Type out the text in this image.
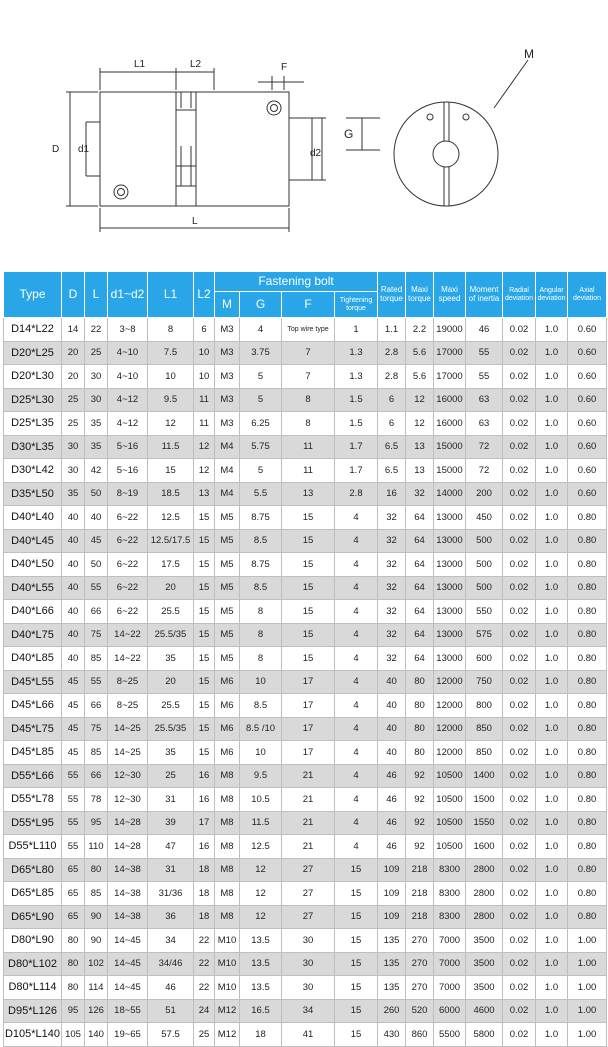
L1	L2	F
D d1	d2
L
M
G
Type	D	L	d1~d2	L1	L2	Fastening bolt				Rated torque	Maxi torque	Maxi speed	Moment of inertia	Radial deviation	Angular deviation	Axial deviation
						M	G	F	Tightening torque							
D14*L22	14	22	3~8	8	6	M3	4	Top wire type	1	1.1	2.2	19000	46	0.02	1.0	0.60
D20*L25	20	25	4~10	7.5	10	M3	3.75	7	1.3	2.8	5.6	17000	55	0.02	1.0	0.60
D20*L30	20	30	4~10	10	10	M3	5	7	1.3	2.8	5.6	17000	55	0.02	1.0	0.60
D25*L30	25	30	4~12	9.5	11	M3	5	8	1.5	6	12	16000	63	0.02	1.0	0.60
D25*L35	25	35	4~12	12	11	M3	6.25	8	1.5	6	12	16000	63	0.02	1.0	0.60
D30*L35	30	35	5~16	11.5	12	M4	5.75	11	1.7	6.5	13	15000	72	0.02	1.0	0.60
D30*L42	30	42	5~16	15	12	M4	5	11	1.7	6.5	13	15000	72	0.02	1.0	0.60
D35*L50	35	50	8~19	18.5	13	M4	5.5	13	2.8	16	32	14000	200	0.02	1.0	0.60
D40*L40	40	40	6~22	12.5	15	M5	8.75	15	4	32	64	13000	450	0.02	1.0	0.80
D40*L45	40	45	6~22	12.5/17.5	15	M5	8.5	15	4	32	64	13000	500	0.02	1.0	0.80
D40*L50	40	50	6~22	17.5	15	M5	8.75	15	4	32	64	13000	500	0.02	1.0	0.80
D40*L55	40	55	6~22	20	15	M5	8.5	15	4	32	64	13000	500	0.02	1.0	0.80
D40*L66	40	66	6~22	25.5	15	M5	8	15	4	32	64	13000	550	0.02	1.0	0.80
D40*L75	40	75	14~22	25.5/35	15	M5	8	15	4	32	64	13000	575	0.02	1.0	0.80
D40*L85	40	85	14~22	35	15	M5	8	15	4	32	64	13000	600	0.02	1.0	0.80
D45*L55	45	55	8~25	20	15	M6	10	17	4	40	80	12000	750	0.02	1.0	0.80
D45*L66	45	66	8~25	25.5	15	M6	8.5	17	4	40	80	12000	800	0.02	1.0	0.80
D45*L75	45	75	14~25	25.5/35	15	M6	8.5 /10	17	4	40	80	12000	850	0.02	1.0	0.80
D45*L85	45	85	14~25	35	15	M6	10	17	4	40	80	12000	850	0.02	1.0	0.80
D55*L66	55	66	12~30	25	16	M8	9.5	21	4	46	92	10500	1400	0.02	1.0	0.80
D55*L78	55	78	12~30	31	16	M8	10.5	21	4	46	92	10500	1500	0.02	1.0	0.80
D55*L95	55	95	14~28	39	17	M8	11.5	21	4	46	92	10500	1550	0.02	1.0	0.80
D55*L110	55	110	14~28	47	16	M8	12.5	21	4	46	92	10500	1600	0.02	1.0	0.80
D65*L80	65	80	14~38	31	18	M8	12	27	15	109	218	8300	2800	0.02	1.0	0.80
D65*L85	65	85	14~38	31/36	18	M8	12	27	15	109	218	8300	2800	0.02	1.0	0.80
D65*L90	65	90	14~38	36	18	M8	12	27	15	109	218	8300	2800	0.02	1.0	0.80
D80*L90	80	90	14~45	34	22	M10	13.5	30	15	135	270	7000	3500	0.02	1.0	1.00
D80*L102	80	102	14~45	34/46	22	M10	13.5	30	15	135	270	7000	3500	0.02	1.0	1.00
D80*L114	80	114	14~45	46	22	M10	13.5	30	15	135	270	7000	3500	0.02	1.0	1.00
D95*L126	95	126	18~55	51	24	M12	16.5	34	15	260	520	6000	4600	0.02	1.0	1.00
D105*L140	105	140	19~65	57.5	25	M12	18	41	15	430	860	5500	5800	0.02	1.0	1.00
